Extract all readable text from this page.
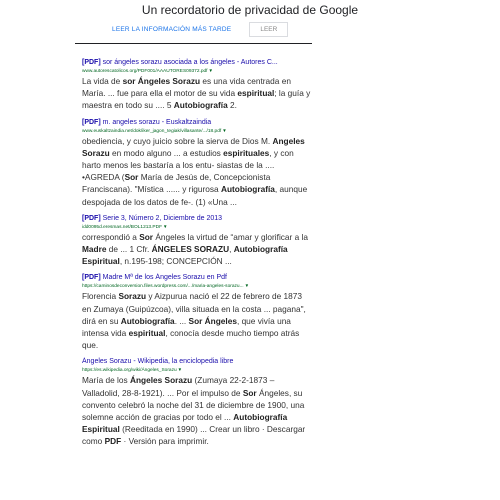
Un recordatorio de privacidad de Google
LEER LA INFORMACIÓN MÁS TARDE	LEER
[PDF] sor ángeles sorazu asociada a los ángeles - Autores C...
www.autorescatolicos.org/PDF001/AAAUTORES09372.pdf▼
La vida de sor Ángeles Sorazu es una vida centrada en María. ... fue para ella el motor de su vida espiritual; la guía y maestra en todo su .... 5 Autobiografía 2.
[PDF] m. angeles sorazu - Euskaltzaindia
www.euskaltzaindia.net/dok/iker_jagon_tegiak/villasante/.../18.pdf▼
obediencia, y cuyo juicio sobre la sierva de Dios M. Angeles Sorazu en modo alguno ... a estudios espirituales, y con harto menos les bastaría a los entu- siastas de la .... •AGREDA (Sor María de Jesús de, Concepcionista Franciscana). "Mística ...... y rigurosa Autobiografía, aunque despojada de los datos de fe-. (1) «Una ...
[PDF] Serie 3, Número 2, Diciembre de 2013
idd0095d.eresmas.net/BOL1213.PDF▼
correspondió a Sor Ángeles la virtud de “amar y glorificar a la Madre de ... 1 Cfr. ÁNGELES SORAZU, Autobiografía Espiritual, n.195-198; CONCEPCIÓN ...
[PDF] Madre Mª de los Ángeles Sorazu en Pdf
https://caminosdeconversion.files.wordpress.com/.../maria-angeles-sorazu...▼
Florencia Sorazu y Aizpurua nació el 22 de febrero de 1873 en Zumaya (Guipúzcoa), villa situada en la costa ... pagana", dirá en su Autobiografía. ... Sor Ángeles, que vivía una intensa vida espiritual, conocía desde mucho tiempo atrás que.
Ángeles Sorazu - Wikipedia, la enciclopedia libre
https://es.wikipedia.org/wiki/Ángeles_Sorazu▼
María de los Ángeles Sorazu (Zumaya 22-2-1873 – Valladolid, 28-8-1921). ... Por el impulso de Sor Ángeles, su convento celebró la noche del 31 de diciembre de 1900, una solemne acción de gracias por todo el ... Autobiografía Espiritual (Reeditada en 1990) ... Crear un libro · Descargar como PDF · Versión para imprimir.
